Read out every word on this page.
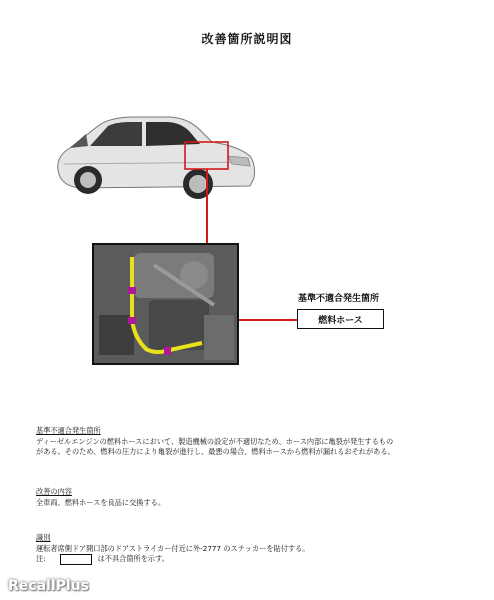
改善箇所説明図
基準不適合発生箇所
燃料ホース
基準不適合発生箇所
ディーゼルエンジンの燃料ホースにおいて、製造機械の設定が不適切なため、ホース内部に亀裂が発生するもの
がある。そのため、燃料の圧力により亀裂が進行し、最悪の場合、燃料ホースから燃料が漏れるおそれがある。
改善の内容
全車両、燃料ホースを良品に交換する。
識別
運転者席側ドア開口部のドアストライカー付近に外-2777 のステッカーを貼付する。
注:	は不具合箇所を示す。
RecallPlus
